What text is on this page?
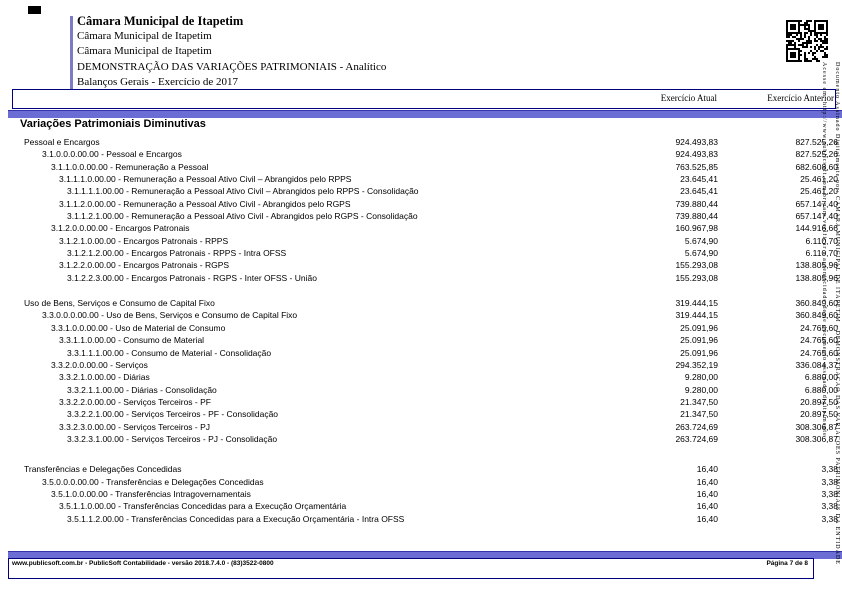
Câmara Municipal de Itapetim
Câmara Municipal de Itapetim
Câmara Municipal de Itapetim
DEMONSTRAÇÃO DAS VARIAÇÕES PATRIMONIAIS - Analítico
Balanços Gerais - Exercício de 2017
Exercício Atual	Exercício Anterior
Variações Patrimoniais Diminutivas
Pessoal e Encargos	924.493,83	827.525,26
3.1.0.0.0.00.00 - Pessoal e Encargos	924.493,83	827.525,26
3.1.1.0.0.00.00 - Remuneração a Pessoal	763.525,85	682.608,60
3.1.1.1.0.00.00 - Remuneração a Pessoal Ativo Civil – Abrangidos pelo RPPS	23.645,41	25.461,20
3.1.1.1.1.00.00 - Remuneração a Pessoal Ativo Civil – Abrangidos pelo RPPS - Consolidação	23.645,41	25.461,20
3.1.1.2.0.00.00 - Remuneração a Pessoal Ativo Civil - Abrangidos pelo RGPS	739.880,44	657.147,40
3.1.1.2.1.00.00 - Remuneração a Pessoal Ativo Civil - Abrangidos pelo RGPS - Consolidação	739.880,44	657.147,40
3.1.2.0.0.00.00 - Encargos Patronais	160.967,98	144.916,66
3.1.2.1.0.00.00 - Encargos Patronais - RPPS	5.674,90	6.110,70
3.1.2.1.2.00.00 - Encargos Patronais - RPPS - Intra OFSS	5.674,90	6.110,70
3.1.2.2.0.00.00 - Encargos Patronais - RGPS	155.293,08	138.805,96
3.1.2.2.3.00.00 - Encargos Patronais - RGPS - Inter OFSS - União	155.293,08	138.805,96
Uso de Bens, Serviços e Consumo de Capital Fixo	319.444,15	360.849,60
3.3.0.0.0.00.00 - Uso de Bens, Serviços e Consumo de Capital Fixo	319.444,15	360.849,60
3.3.1.0.0.00.00 - Uso de Material de Consumo	25.091,96	24.765,60
3.3.1.1.0.00.00 - Consumo de Material	25.091,96	24.765,60
3.3.1.1.1.00.00 - Consumo de Material - Consolidação	25.091,96	24.765,60
3.3.2.0.0.00.00 - Serviços	294.352,19	336.084,37
3.3.2.1.0.00.00 - Diárias	9.280,00	6.880,00
3.3.2.1.1.00.00 - Diárias - Consolidação	9.280,00	6.880,00
3.3.2.2.0.00.00 - Serviços Terceiros - PF	21.347,50	20.897,50
3.3.2.2.1.00.00 - Serviços Terceiros - PF - Consolidação	21.347,50	20.897,50
3.3.2.3.0.00.00 - Serviços Terceiros - PJ	263.724,69	308.306,87
3.3.2.3.1.00.00 - Serviços Terceiros - PJ - Consolidação	263.724,69	308.306,87
Transferências e Delegações Concedidas	16,40	3,38
3.5.0.0.0.00.00 - Transferências e Delegações Concedidas	16,40	3,38
3.5.1.0.0.00.00 - Transferências Intragovernamentais	16,40	3,38
3.5.1.1.0.00.00 - Transferências Concedidas para a Execução Orçamentária	16,40	3,38
3.5.1.1.2.00.00 - Transferências Concedidas para a Execução Orçamentária - Intra OFSS	16,40	3,38
Documento Assinado Digitalmente por: CAMARA MUNICIPAL DE ITAPETIM - DEMONSTRACAO DAS VARIACOES PATRIMONIAIS DA ENTIDADE
Acesse em: http://www.publicsoft.com.br para verificar a autenticidade deste documento assinado digitalmente
www.publicsoft.com.br - PublicSoft Contabilidade - versão 2018.7.4.0 - (83)3522-0800	Página 7 de 8
